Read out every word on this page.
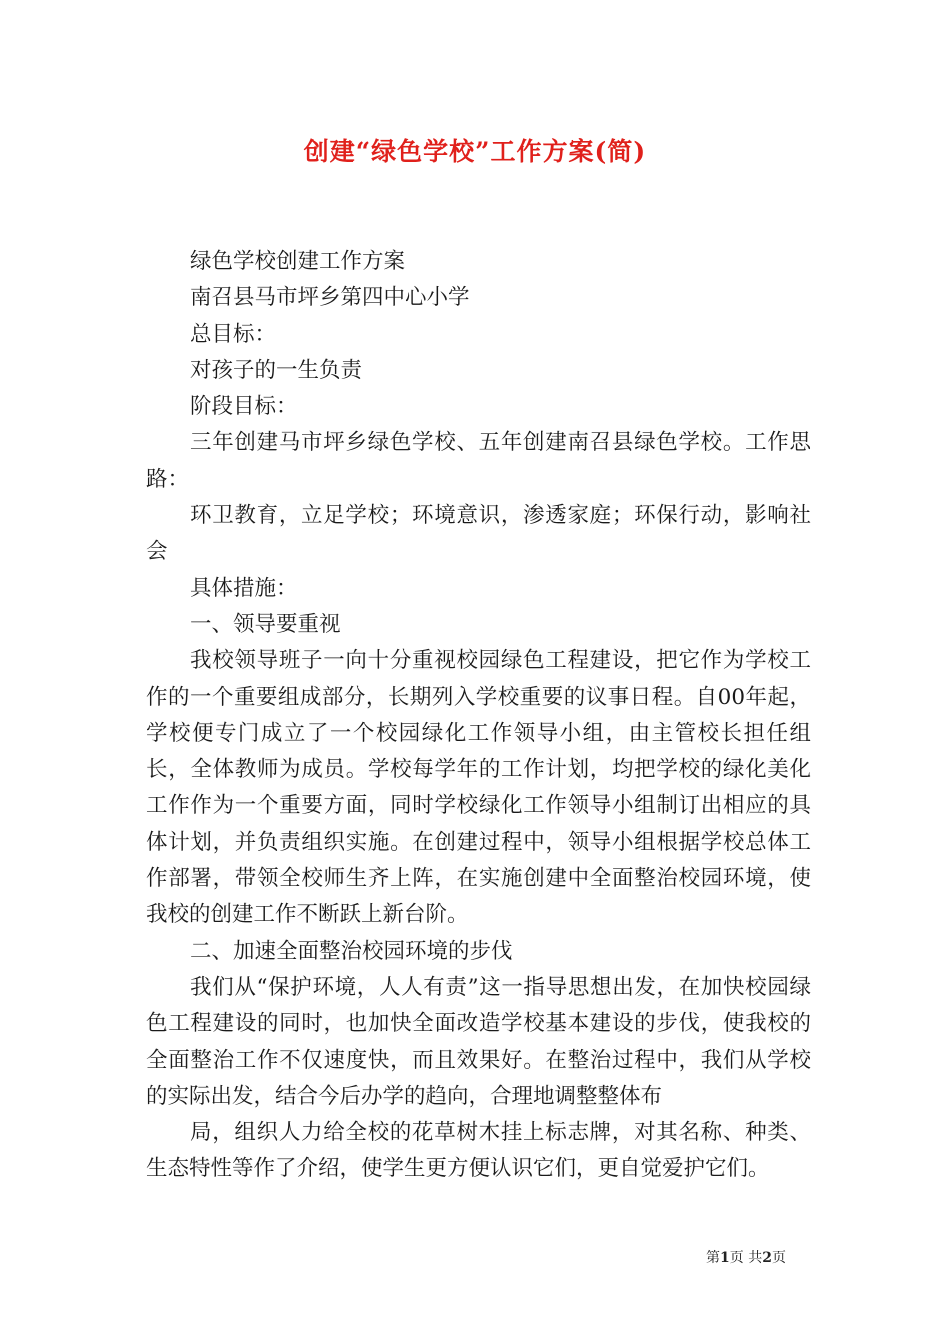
创建“绿色学校”工作方案(简)

绿色学校创建工作方案

南召县马市坪乡第四中心小学

总目标：

对孩子的一生负责

阶段目标：

三年创建马市坪乡绿色学校、五年创建南召县绿色学校。工作思路：

环卫教育，立足学校；环境意识，渗透家庭；环保行动，影响社会

具体措施：

一、领导要重视

我校领导班子一向十分重视校园绿色工程建设，把它作为学校工作的一个重要组成部分，长期列入学校重要的议事日程。自00年起，学校便专门成立了一个校园绿化工作领导小组，由主管校长担任组长，全体教师为成员。学校每学年的工作计划，均把学校的绿化美化工作作为一个重要方面，同时学校绿化工作领导小组制订出相应的具体计划，并负责组织实施。在创建过程中，领导小组根据学校总体工作部署，带领全校师生齐上阵，在实施创建中全面整治校园环境，使我校的创建工作不断跃上新台阶。

二、加速全面整治校园环境的步伐

我们从“保护环境，人人有责”这一指导思想出发，在加快校园绿色工程建设的同时，也加快全面改造学校基本建设的步伐，使我校的全面整治工作不仅速度快，而且效果好。在整治过程中，我们从学校的实际出发，结合今后办学的趋向，合理地调整整体布

局，组织人力给全校的花草树木挂上标志牌，对其名称、种类、生态特性等作了介绍，使学生更方便认识它们，更自觉爱护它们。

第1页 共2页
